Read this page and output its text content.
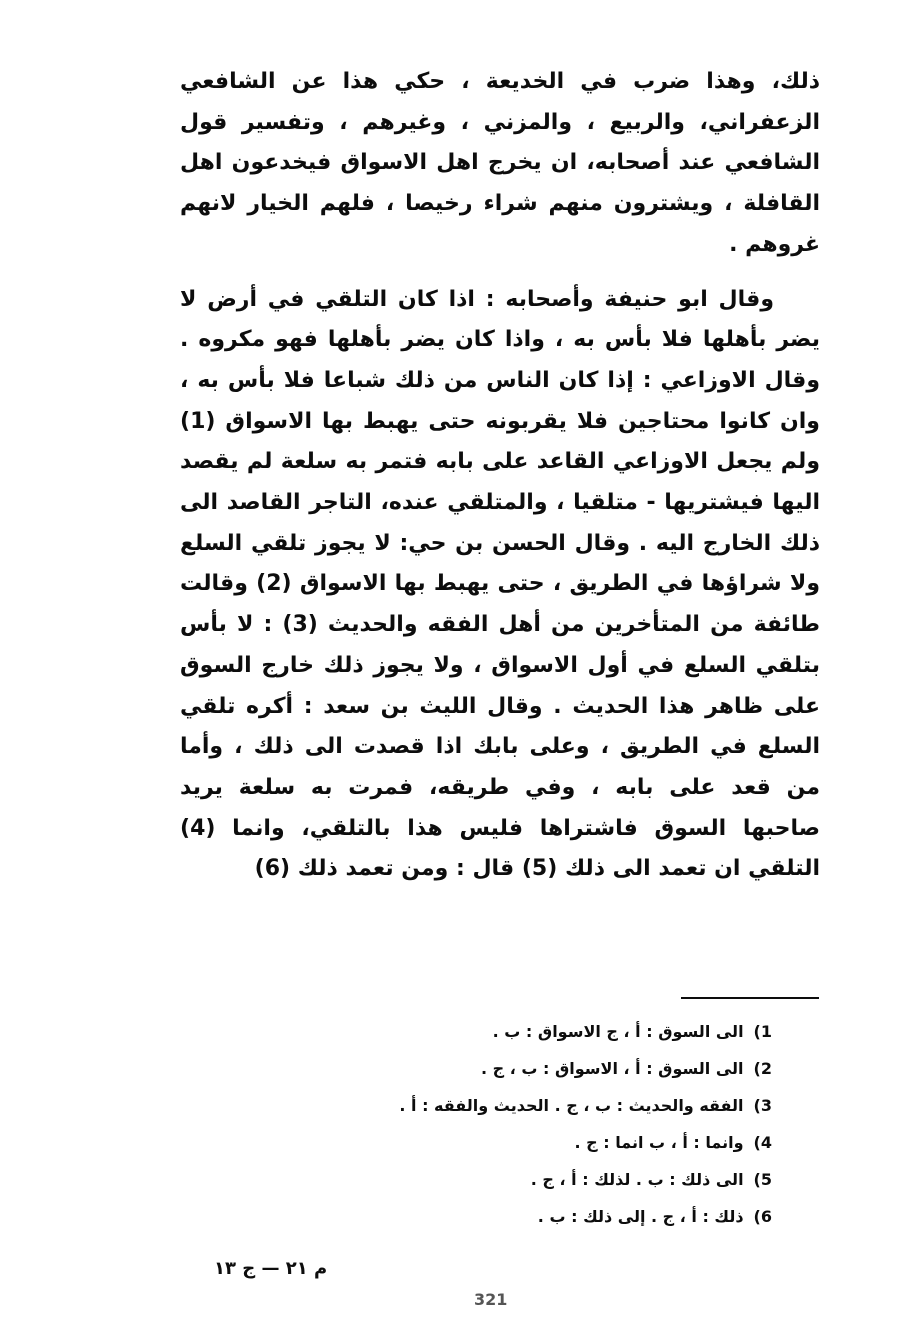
ذلك، وهذا ضرب في الخديعة ، حكي هذا عن الشافعي الزعفراني، والربيع ، والمزني ، وغيرهم ، وتفسير قول الشافعي عند أصحابه، ان يخرج اهل الاسواق فيخدعون اهل القافلة ، ويشترون منهم شراء رخيصا ، فلهم الخيار لانهم غروهم .

وقال ابو حنيفة وأصحابه : اذا كان التلقي في أرض لا يضر بأهلها فلا بأس به ، واذا كان يضر بأهلها فهو مكروه . وقال الاوزاعي : إذا كان الناس من ذلك شباعا فلا بأس به ، وان كانوا محتاجين فلا يقربونه حتى يهبط بها الاسواق (1) ولم يجعل الاوزاعي القاعد على بابه فتمر به سلعة لم يقصد اليها فيشتريها - متلقيا ، والمتلقي عنده، التاجر القاصد الى ذلك الخارج اليه . وقال الحسن بن حي: لا يجوز تلقي السلع ولا شراؤها في الطريق ، حتى يهبط بها الاسواق (2) وقالت طائفة من المتأخرين من أهل الفقه والحديث (3) : لا بأس بتلقي السلع في أول الاسواق ، ولا يجوز ذلك خارج السوق على ظاهر هذا الحديث . وقال الليث بن سعد : أكره تلقي السلع في الطريق ، وعلى بابك اذا قصدت الى ذلك ، وأما من قعد على بابه ، وفي طريقه، فمرت به سلعة يريد صاحبها السوق فاشتراها فليس هذا بالتلقي، وانما (4) التلقي ان تعمد الى ذلك (5) قال : ومن تعمد ذلك (6)

1)الى السوق : أ ، ج الاسواق : ب .
2)الى السوق : أ ، الاسواق : ب ، ج .
3)الفقه والحديث : ب ، ج . الحديث والفقه : أ .
4)وانما : أ ، ب انما : ج .
5)الى ذلك : ب . لذلك : أ ، ج .
6)ذلك : أ ، ج . إلى ذلك : ب .
م ٢١ — ج ١٣
321
